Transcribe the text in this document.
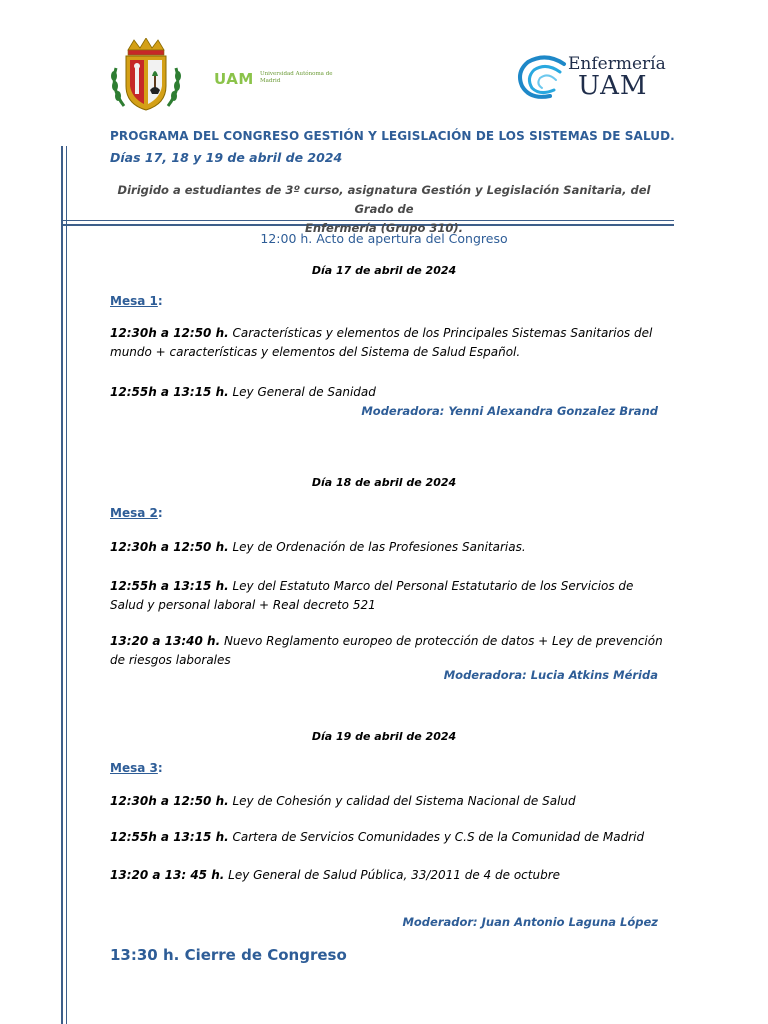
UAM Universidad Autónoma de Madrid
Enfermería
UAM
PROGRAMA DEL CONGRESO GESTIÓN Y LEGISLACIÓN DE LOS SISTEMAS DE SALUD.
Días 17, 18 y 19 de abril de 2024
Dirigido a estudiantes de 3º curso, asignatura Gestión y Legislación Sanitaria, del Grado de
Enfermería (Grupo 310).
12:00 h. Acto de apertura del Congreso
Día 17 de abril de 2024
Mesa 1:
12:30h a 12:50 h. Características y elementos de los Principales Sistemas Sanitarios del mundo + características y elementos del Sistema de Salud Español.
12:55h a 13:15 h. Ley General de Sanidad
Moderadora: Yenni Alexandra Gonzalez Brand
Día 18 de abril de 2024
Mesa 2:
12:30h a 12:50 h. Ley de Ordenación de las Profesiones Sanitarias.
12:55h a 13:15 h. Ley del Estatuto Marco del Personal Estatutario de los Servicios de Salud y personal laboral + Real decreto 521
13:20 a 13:40 h. Nuevo Reglamento europeo de protección de datos + Ley de prevención de riesgos laborales
Moderadora: Lucia Atkins Mérida
Día 19 de abril de 2024
Mesa 3:
12:30h a 12:50 h. Ley de Cohesión y calidad del Sistema Nacional de Salud
12:55h a 13:15 h. Cartera de Servicios Comunidades y C.S de la Comunidad de Madrid
13:20 a 13: 45 h. Ley General de Salud Pública, 33/2011 de 4 de octubre
Moderador: Juan Antonio Laguna López
13:30 h. Cierre de Congreso
